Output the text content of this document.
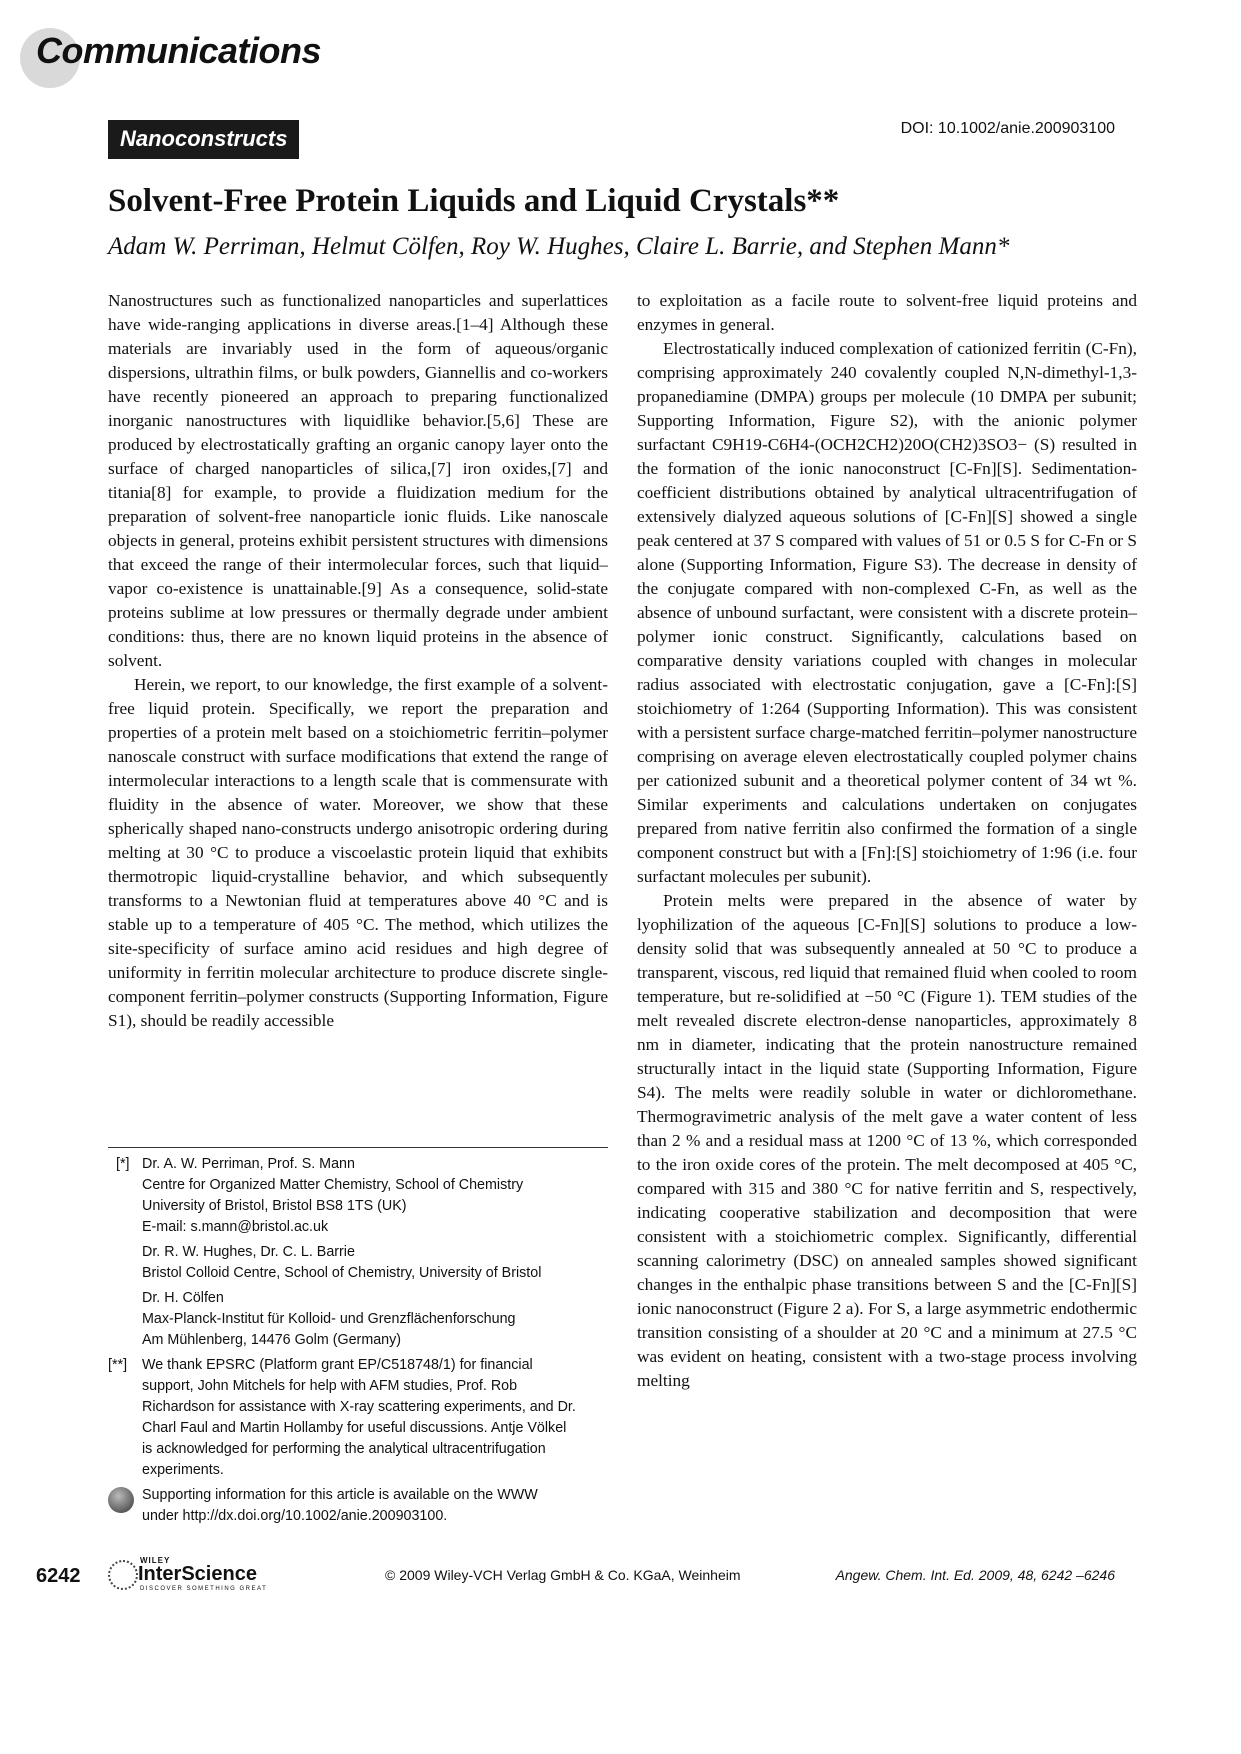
Communications
Nanoconstructs	DOI: 10.1002/anie.200903100
Solvent-Free Protein Liquids and Liquid Crystals**
Adam W. Perriman, Helmut Cölfen, Roy W. Hughes, Claire L. Barrie, and Stephen Mann*

Nanostructures such as functionalized nanoparticles and superlattices have wide-ranging applications in diverse areas.[1–4] Although these materials are invariably used in the form of aqueous/organic dispersions, ultrathin films, or bulk powders, Giannellis and co-workers have recently pioneered an approach to preparing functionalized inorganic nanostructures with liquidlike behavior.[5,6] These are produced by electrostatically grafting an organic canopy layer onto the surface of charged nanoparticles of silica,[7] iron oxides,[7] and titania[8] for example, to provide a fluidization medium for the preparation of solvent-free nanoparticle ionic fluids. Like nanoscale objects in general, proteins exhibit persistent structures with dimensions that exceed the range of their intermolecular forces, such that liquid–vapor co-existence is unattainable.[9] As a consequence, solid-state proteins sublime at low pressures or thermally degrade under ambient conditions: thus, there are no known liquid proteins in the absence of solvent.

Herein, we report, to our knowledge, the first example of a solvent-free liquid protein. Specifically, we report the preparation and properties of a protein melt based on a stoichiometric ferritin–polymer nanoscale construct with surface modifications that extend the range of intermolecular interactions to a length scale that is commensurate with fluidity in the absence of water. Moreover, we show that these spherically shaped nano-constructs undergo anisotropic ordering during melting at 30 °C to produce a viscoelastic protein liquid that exhibits thermotropic liquid-crystalline behavior, and which subsequently transforms to a Newtonian fluid at temperatures above 40 °C and is stable up to a temperature of 405 °C. The method, which utilizes the site-specificity of surface amino acid residues and high degree of uniformity in ferritin molecular architecture to produce discrete single-component ferritin–polymer constructs (Supporting Information, Figure S1), should be readily accessible

[*] Dr. A. W. Perriman, Prof. S. Mann
Centre for Organized Matter Chemistry, School of Chemistry
University of Bristol, Bristol BS8 1TS (UK)
E-mail: s.mann@bristol.ac.uk
Dr. R. W. Hughes, Dr. C. L. Barrie
Bristol Colloid Centre, School of Chemistry, University of Bristol
Dr. H. Cölfen
Max-Planck-Institut für Kolloid- und Grenzflächenforschung
Am Mühlenberg, 14476 Golm (Germany)
[**] We thank EPSRC (Platform grant EP/C518748/1) for financial
support, John Mitchels for help with AFM studies, Prof. Rob
Richardson for assistance with X-ray scattering experiments, and Dr.
Charl Faul and Martin Hollamby for useful discussions. Antje Völkel
is acknowledged for performing the analytical ultracentrifugation
experiments.
Supporting information for this article is available on the WWW
under http://dx.doi.org/10.1002/anie.200903100.

to exploitation as a facile route to solvent-free liquid proteins and enzymes in general.

Electrostatically induced complexation of cationized ferritin (C-Fn), comprising approximately 240 covalently coupled N,N-dimethyl-1,3-propanediamine (DMPA) groups per molecule (10 DMPA per subunit; Supporting Information, Figure S2), with the anionic polymer surfactant C9H19-C6H4-(OCH2CH2)20O(CH2)3SO3− (S) resulted in the formation of the ionic nanoconstruct [C-Fn][S]. Sedimentation-coefficient distributions obtained by analytical ultracentrifugation of extensively dialyzed aqueous solutions of [C-Fn][S] showed a single peak centered at 37 S compared with values of 51 or 0.5 S for C-Fn or S alone (Supporting Information, Figure S3). The decrease in density of the conjugate compared with non-complexed C-Fn, as well as the absence of unbound surfactant, were consistent with a discrete protein–polymer ionic construct. Significantly, calculations based on comparative density variations coupled with changes in molecular radius associated with electrostatic conjugation, gave a [C-Fn]:[S] stoichiometry of 1:264 (Supporting Information). This was consistent with a persistent surface charge-matched ferritin–polymer nanostructure comprising on average eleven electrostatically coupled polymer chains per cationized subunit and a theoretical polymer content of 34 wt %. Similar experiments and calculations undertaken on conjugates prepared from native ferritin also confirmed the formation of a single component construct but with a [Fn]:[S] stoichiometry of 1:96 (i.e. four surfactant molecules per subunit).

Protein melts were prepared in the absence of water by lyophilization of the aqueous [C-Fn][S] solutions to produce a low-density solid that was subsequently annealed at 50 °C to produce a transparent, viscous, red liquid that remained fluid when cooled to room temperature, but re-solidified at −50 °C (Figure 1). TEM studies of the melt revealed discrete electron-dense nanoparticles, approximately 8 nm in diameter, indicating that the protein nanostructure remained structurally intact in the liquid state (Supporting Information, Figure S4). The melts were readily soluble in water or dichloromethane. Thermogravimetric analysis of the melt gave a water content of less than 2 % and a residual mass at 1200 °C of 13 %, which corresponded to the iron oxide cores of the protein. The melt decomposed at 405 °C, compared with 315 and 380 °C for native ferritin and S, respectively, indicating cooperative stabilization and decomposition that were consistent with a stoichiometric complex. Significantly, differential scanning calorimetry (DSC) on annealed samples showed significant changes in the enthalpic phase transitions between S and the [C-Fn][S] ionic nanoconstruct (Figure 2 a). For S, a large asymmetric endothermic transition consisting of a shoulder at 20 °C and a minimum at 27.5 °C was evident on heating, consistent with a two-stage process involving melting

6242
WILEY
InterScience
DISCOVER SOMETHING GREAT
© 2009 Wiley-VCH Verlag GmbH & Co. KGaA, Weinheim	Angew. Chem. Int. Ed. 2009, 48, 6242 –6246
